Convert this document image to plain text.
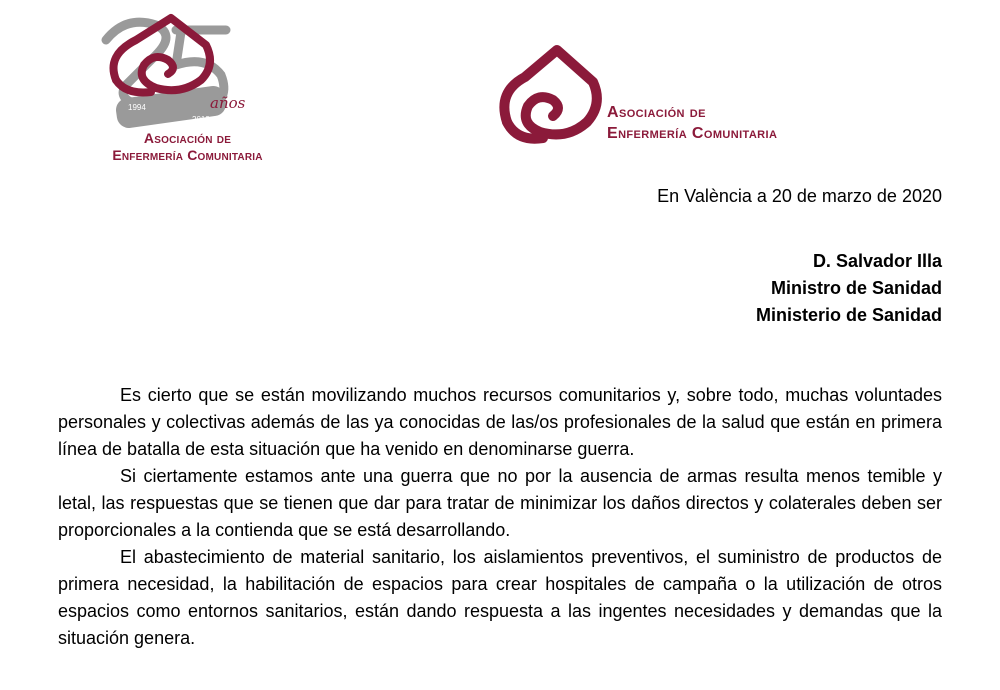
años
1994
2019
Asociación de
Enfermería Comunitaria
Asociación de
Enfermería Comunitaria
En València a 20 de marzo de 2020
D. Salvador Illa
Ministro de Sanidad
Ministerio de Sanidad

Es cierto que se están movilizando muchos recursos comunitarios y, sobre todo, muchas voluntades personales y colectivas además de las ya conocidas de las/os profesionales de la salud que están en primera línea de batalla de esta situación que ha venido en denominarse guerra.

Si ciertamente estamos ante una guerra que no por la ausencia de armas resulta menos temible y letal, las respuestas que se tienen que dar para tratar de minimizar los daños directos y colaterales deben ser proporcionales a la contienda que se está desarrollando.

El abastecimiento de material sanitario, los aislamientos preventivos, el suministro de productos de primera necesidad, la habilitación de espacios para crear hospitales de campaña o la utilización de otros espacios como entornos sanitarios, están dando respuesta a las ingentes necesidades y demandas que la situación genera.
